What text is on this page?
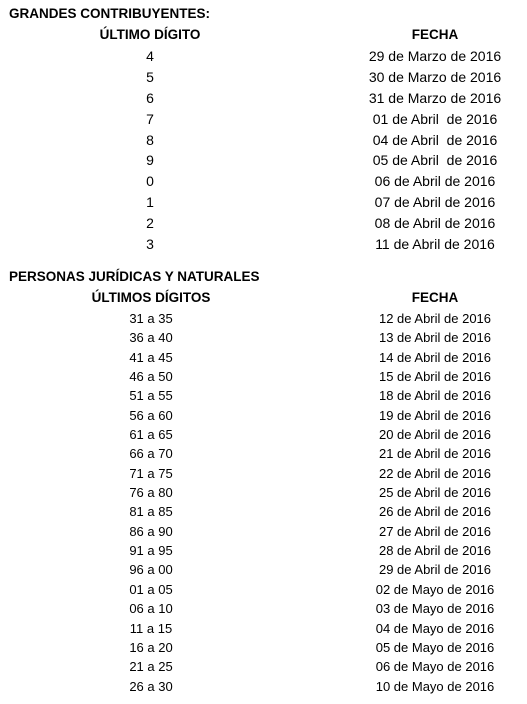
GRANDES CONTRIBUYENTES:
ÚLTIMO DÍGITO	FECHA
4	29 de Marzo de 2016
5	30 de Marzo de 2016
6	31 de Marzo de 2016
7	01 de Abril  de 2016
8	04 de Abril  de 2016
9	05 de Abril  de 2016
0	06 de Abril de 2016
1	07 de Abril de 2016
2	08 de Abril de 2016
3	11 de Abril de 2016
PERSONAS JURÍDICAS Y NATURALES
ÚLTIMOS DÍGITOS	FECHA
31 a 35	12 de Abril de 2016
36 a 40	13 de Abril de 2016
41 a 45	14 de Abril de 2016
46 a 50	15 de Abril de 2016
51 a 55	18 de Abril de 2016
56 a 60	19 de Abril de 2016
61 a 65	20 de Abril de 2016
66 a 70	21 de Abril de 2016
71 a 75	22 de Abril de 2016
76 a 80	25 de Abril de 2016
81 a 85	26 de Abril de 2016
86 a 90	27 de Abril de 2016
91 a 95	28 de Abril de 2016
96 a 00	29 de Abril de 2016
01 a 05	02 de Mayo de 2016
06 a 10	03 de Mayo de 2016
11 a 15	04 de Mayo de 2016
16 a 20	05 de Mayo de 2016
21 a 25	06 de Mayo de 2016
26 a 30	10 de Mayo de 2016
